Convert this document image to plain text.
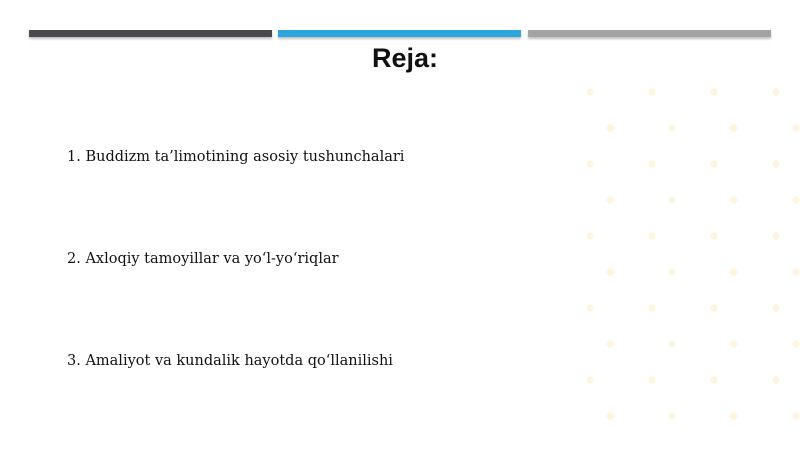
Reja:
1. Buddizm ta’limotining asosiy tushunchalari
2. Axloqiy tamoyillar va yo‘l-yo‘riqlar
3. Amaliyot va kundalik hayotda qo‘llanilishi
